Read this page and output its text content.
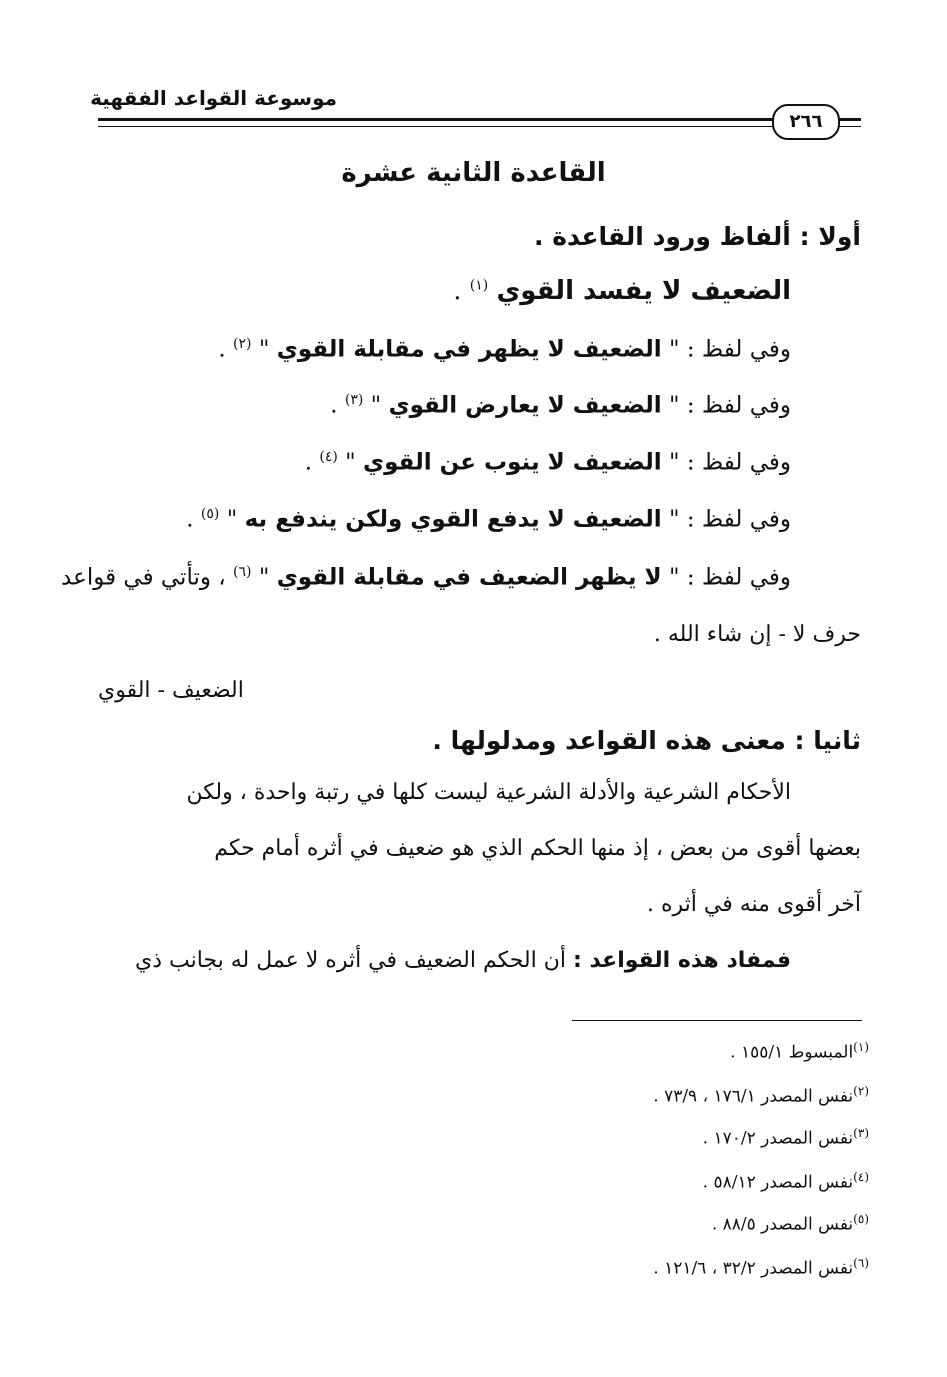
موسوعة القواعد الفقهية
٢٦٦
القاعدة الثانية عشرة
أولا : ألفاظ ورود القاعدة .
الضعيف لا يفسد القوي $^{(١)}$ .
وفي لفظ : " الضعيف لا يظهر في مقابلة القوي " $^{(٢)}$ .
وفي لفظ : " الضعيف لا يعارض القوي " $^{(٣)}$ .
وفي لفظ : " الضعيف لا ينوب عن القوي " $^{(٤)}$ .
وفي لفظ : " الضعيف لا يدفع القوي ولكن يندفع به " $^{(٥)}$ .
وفي لفظ : " لا يظهر الضعيف في مقابلة القوي " $^{(٦)}$ ، وتأتي في قواعد
حرف لا - إن شاء الله .
الضعيف - القوي
ثانيا : معنى هذه القواعد ومدلولها .
الأحكام الشرعية والأدلة الشرعية ليست كلها في رتبة واحدة ، ولكن
بعضها أقوى من بعض ، إذ منها الحكم الذي هو ضعيف في أثره أمام حكم
آخر أقوى منه في أثره .
فمفاد هذه القواعد : أن الحكم الضعيف في أثره لا عمل له بجانب ذي
$^{(١)}$المبسوط ١٥٥/١ .
$^{(٢)}$نفس المصدر ١٧٦/١ ، ٧٣/٩ .
$^{(٣)}$نفس المصدر ١٧٠/٢ .
$^{(٤)}$نفس المصدر ٥٨/١٢ .
$^{(٥)}$نفس المصدر ٨٨/٥ .
$^{(٦)}$نفس المصدر ٣٢/٢ ، ١٢١/٦ .
